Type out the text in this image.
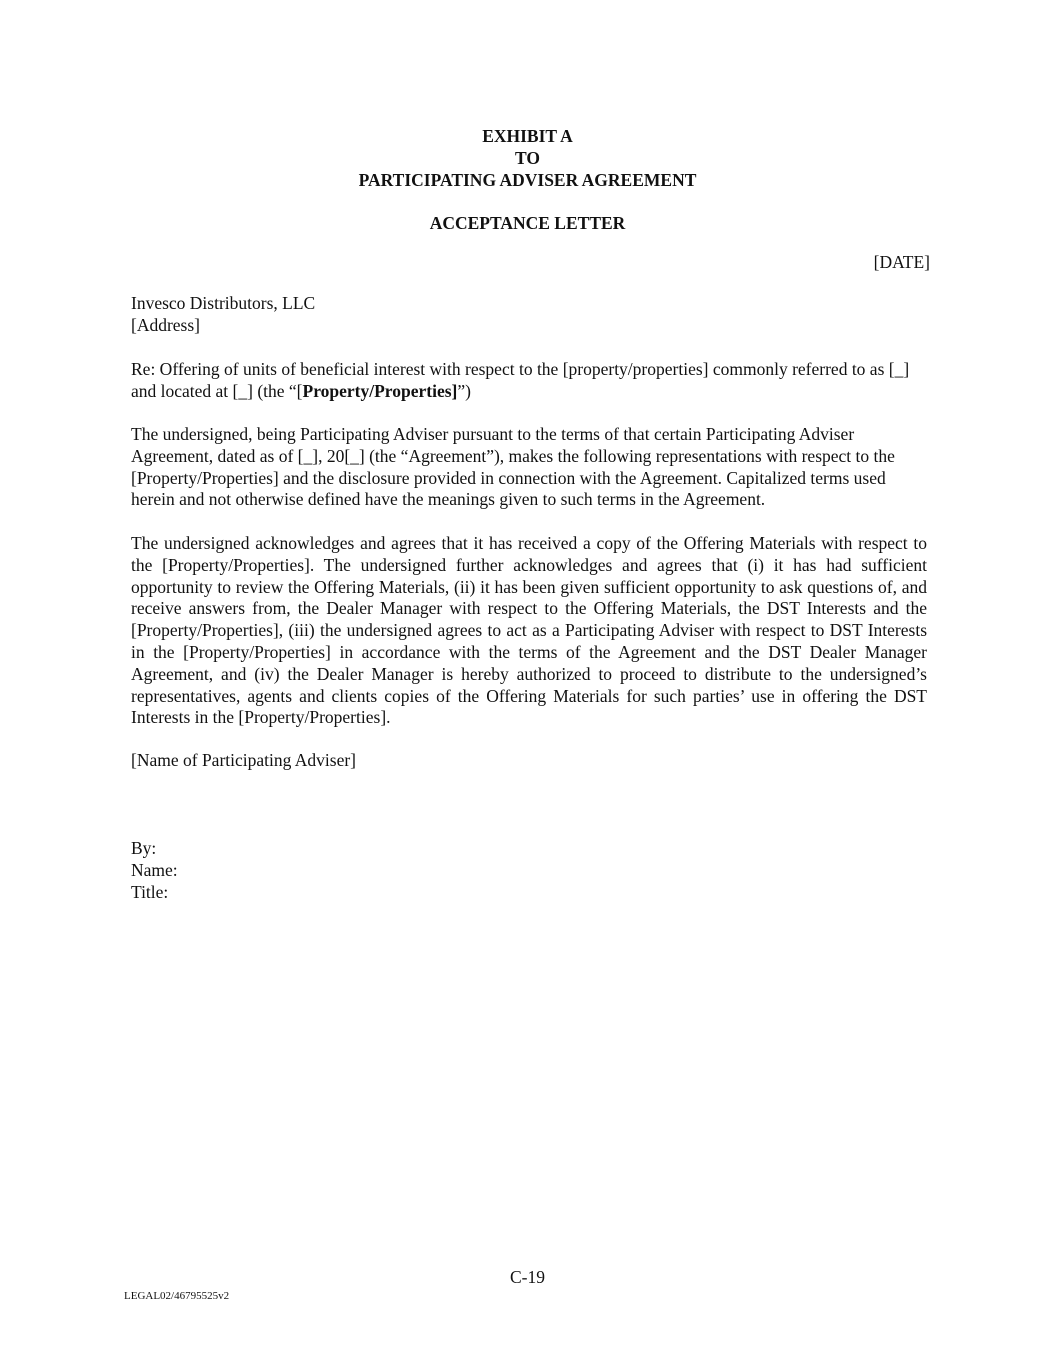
EXHIBIT A
TO
PARTICIPATING ADVISER AGREEMENT
ACCEPTANCE LETTER
[DATE]
Invesco Distributors, LLC
[Address]
Re: Offering of units of beneficial interest with respect to the [property/properties] commonly referred to as [_] and located at [_] (the “[Property/Properties]”)
The undersigned, being Participating Adviser pursuant to the terms of that certain Participating Adviser Agreement, dated as of [_], 20[_] (the “Agreement”), makes the following representations with respect to the [Property/Properties] and the disclosure provided in connection with the Agreement. Capitalized terms used herein and not otherwise defined have the meanings given to such terms in the Agreement.
The undersigned acknowledges and agrees that it has received a copy of the Offering Materials with respect to the [Property/Properties]. The undersigned further acknowledges and agrees that (i) it has had sufficient opportunity to review the Offering Materials, (ii) it has been given sufficient opportunity to ask questions of, and receive answers from, the Dealer Manager with respect to the Offering Materials, the DST Interests and the [Property/Properties], (iii) the undersigned agrees to act as a Participating Adviser with respect to DST Interests in the [Property/Properties] in accordance with the terms of the Agreement and the DST Dealer Manager Agreement, and (iv) the Dealer Manager is hereby authorized to proceed to distribute to the undersigned’s representatives, agents and clients copies of the Offering Materials for such parties’ use in offering the DST Interests in the [Property/Properties].
[Name of Participating Adviser]
By:
Name:
Title:
C-19
LEGAL02/46795525v2
